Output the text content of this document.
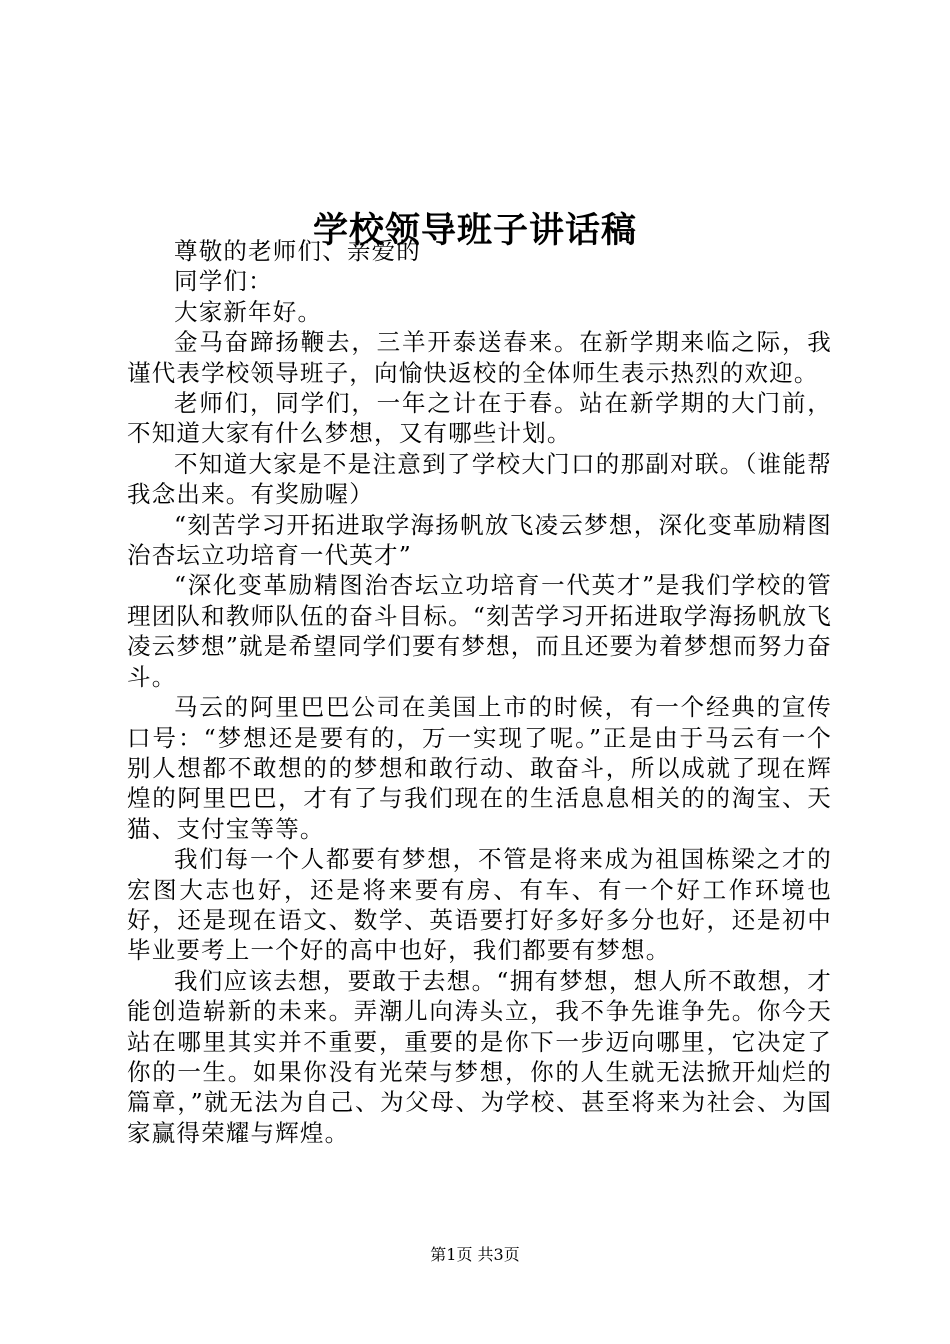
学校领导班子讲话稿

尊敬的老师们、亲爱的

同学们：

大家新年好。

金马奋蹄扬鞭去，三羊开泰送春来。在新学期来临之际，我谨代表学校领导班子，向愉快返校的全体师生表示热烈的欢迎。

老师们，同学们，一年之计在于春。站在新学期的大门前，不知道大家有什么梦想，又有哪些计划。

不知道大家是不是注意到了学校大门口的那副对联。（谁能帮我念出来。有奖励喔）

“刻苦学习开拓进取学海扬帆放飞凌云梦想，深化变革励精图治杏坛立功培育一代英才”

“深化变革励精图治杏坛立功培育一代英才”是我们学校的管理团队和教师队伍的奋斗目标。“刻苦学习开拓进取学海扬帆放飞凌云梦想”就是希望同学们要有梦想，而且还要为着梦想而努力奋斗。

马云的阿里巴巴公司在美国上市的时候，有一个经典的宣传口号：“梦想还是要有的，万一实现了呢。”正是由于马云有一个别人想都不敢想的的梦想和敢行动、敢奋斗，所以成就了现在辉煌的阿里巴巴，才有了与我们现在的生活息息相关的的淘宝、天猫、支付宝等等。

我们每一个人都要有梦想，不管是将来成为祖国栋梁之才的宏图大志也好，还是将来要有房、有车、有一个好工作环境也好，还是现在语文、数学、英语要打好多好多分也好，还是初中毕业要考上一个好的高中也好，我们都要有梦想。

我们应该去想，要敢于去想。“拥有梦想，想人所不敢想，才能创造崭新的未来。弄潮儿向涛头立，我不争先谁争先。你今天站在哪里其实并不重要，重要的是你下一步迈向哪里，它决定了你的一生。如果你没有光荣与梦想，你的人生就无法掀开灿烂的篇章，”就无法为自己、为父母、为学校、甚至将来为社会、为国家赢得荣耀与辉煌。

第1页 共3页
